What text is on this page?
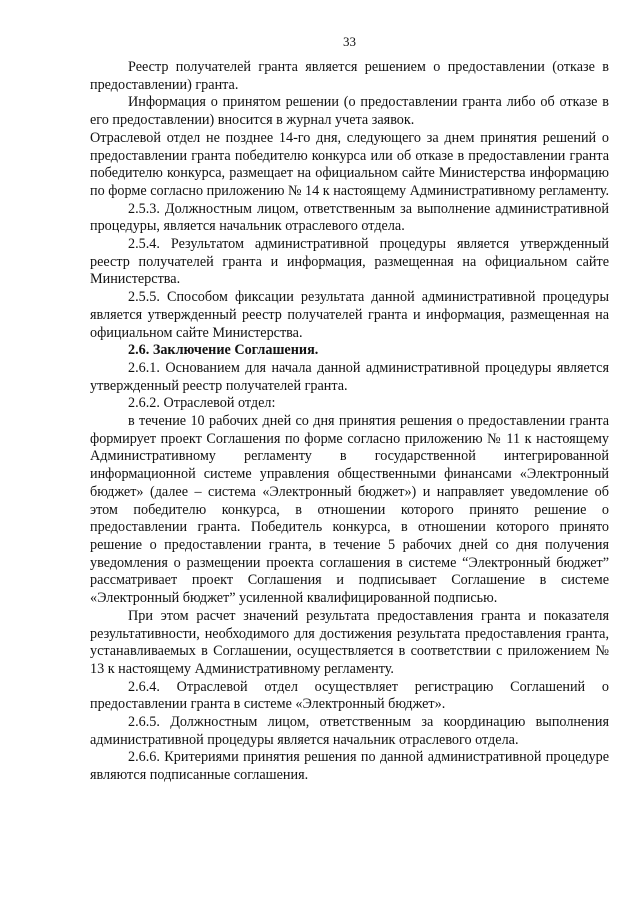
33

Реестр получателей гранта является решением о предоставлении (отказе в предоставлении) гранта.

Информация о принятом решении (о предоставлении гранта либо об отказе в его предоставлении) вносится в журнал учета заявок.

Отраслевой отдел не позднее 14-го дня, следующего за днем принятия решений о предоставлении гранта победителю конкурса или об отказе в предоставлении гранта победителю конкурса, размещает на официальном сайте Министерства информацию по форме согласно приложению № 14 к настоящему Административному регламенту.

2.5.3. Должностным лицом, ответственным за выполнение административной процедуры, является начальник отраслевого отдела.

2.5.4. Результатом административной процедуры является утвержденный реестр получателей гранта и информация, размещенная на официальном сайте Министерства.

2.5.5. Способом фиксации результата данной административной процедуры является утвержденный реестр получателей гранта и информация, размещенная на официальном сайте Министерства.

2.6. Заключение Соглашения.

2.6.1. Основанием для начала данной административной процедуры является утвержденный реестр получателей гранта.

2.6.2. Отраслевой отдел:

в течение 10 рабочих дней со дня принятия решения о предоставлении гранта формирует проект Соглашения по форме согласно приложению № 11 к настоящему Административному регламенту в государственной интегрированной информационной системе управления общественными финансами «Электронный бюджет» (далее – система «Электронный бюджет») и направляет уведомление об этом победителю конкурса, в отношении которого принято решение о предоставлении гранта. Победитель конкурса, в отношении которого принято решение о предоставлении гранта, в течение 5 рабочих дней со дня получения уведомления о размещении проекта соглашения в системе “Электронный бюджет” рассматривает проект Соглашения и подписывает Соглашение в системе «Электронный бюджет” усиленной квалифицированной подписью.

При этом расчет значений результата предоставления гранта и показателя результативности, необходимого для достижения результата предоставления гранта, устанавливаемых в Соглашении, осуществляется в соответствии с приложением № 13 к настоящему Административному регламенту.

2.6.4. Отраслевой отдел осуществляет регистрацию Соглашений о предоставлении гранта в системе «Электронный бюджет».

2.6.5. Должностным лицом, ответственным за координацию выполнения административной процедуры является начальник отраслевого отдела.

2.6.6. Критериями принятия решения по данной административной процедуре являются подписанные соглашения.
